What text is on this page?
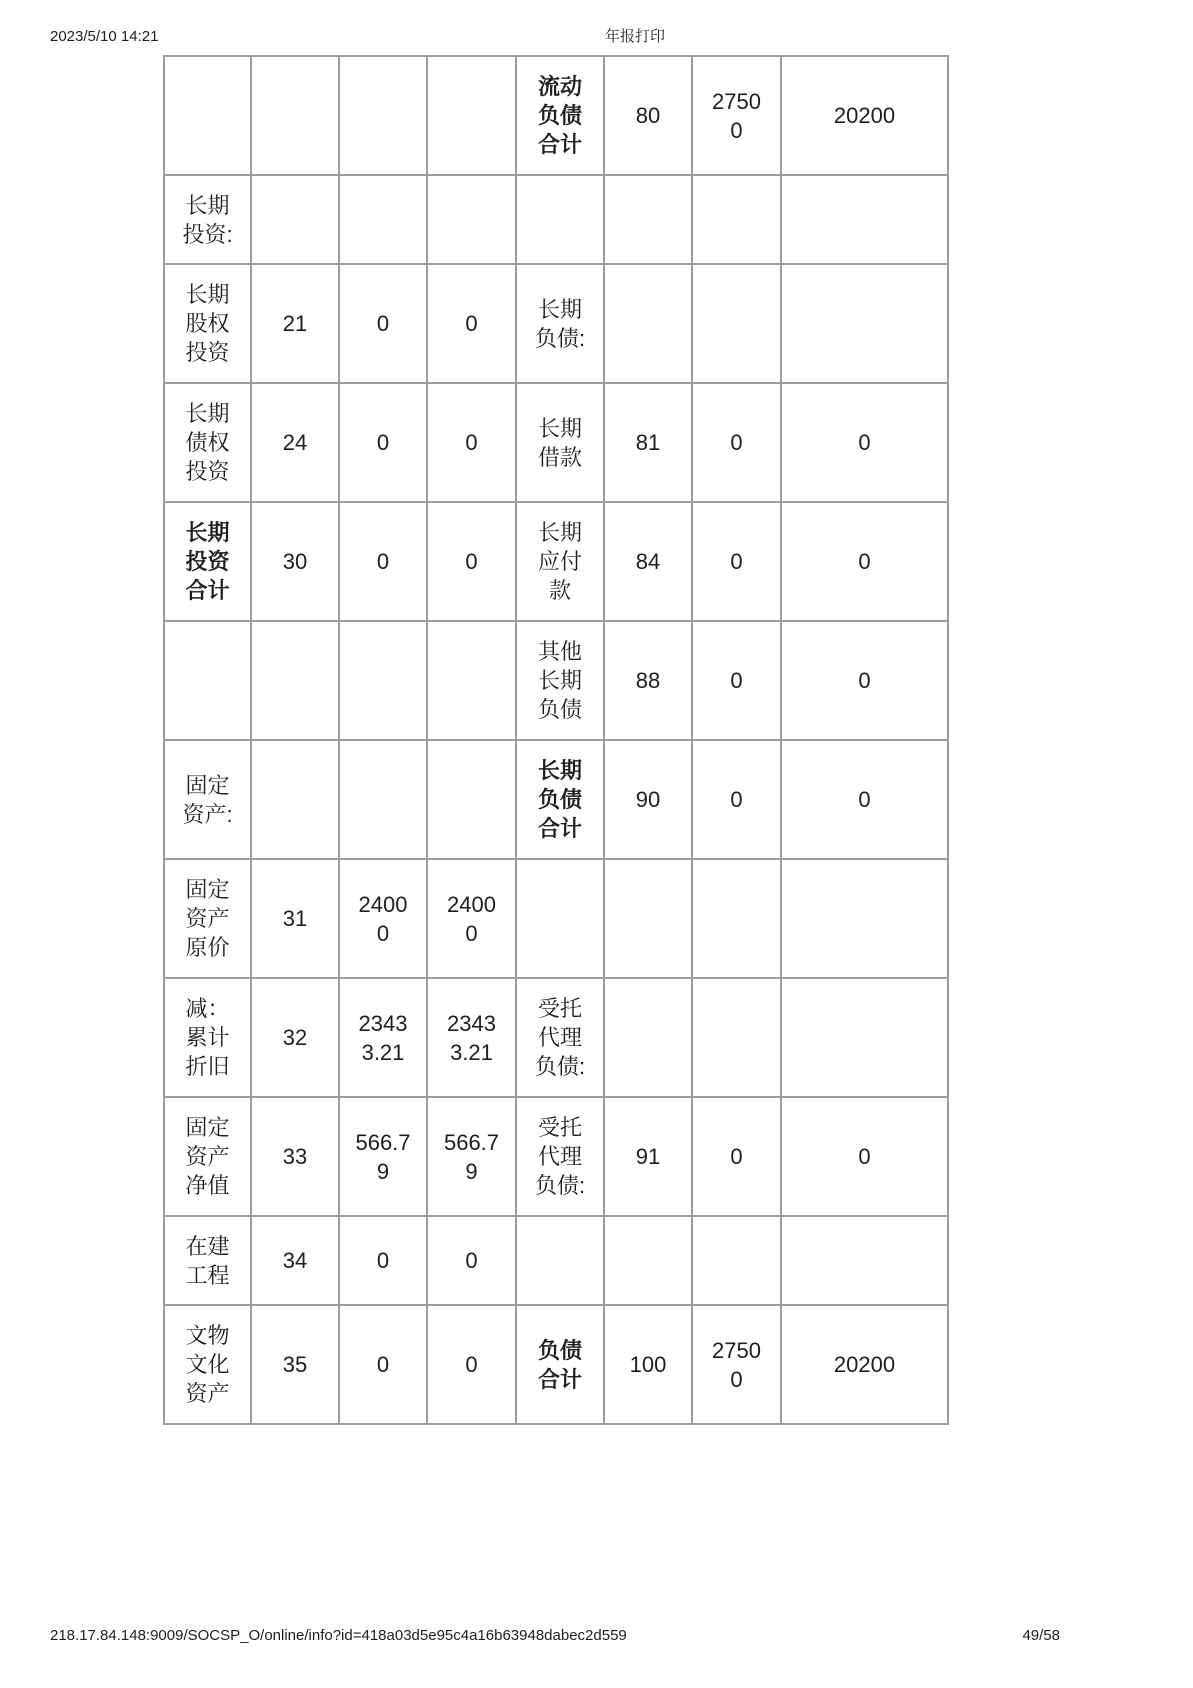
2023/5/10 14:21	年报打印
				流动负债合计	80	27500	20200
长期投资:							
长期股权投资	21	0	0	长期负债:			
长期债权投资	24	0	0	长期借款	81	0	0
长期投资合计	30	0	0	长期应付款	84	0	0
				其他长期负债	88	0	0
固定资产:				长期负债合计	90	0	0
固定资产原价	31	24000	24000				
减：累计折旧	32	23433.21	23433.21	受托代理负债:			
固定资产净值	33	566.79	566.79	受托代理负债:	91	0	0
在建工程	34	0	0				
文物文化资产	35	0	0	负债合计	100	27500	20200
218.17.84.148:9009/SOCSP_O/online/info?id=418a03d5e95c4a16b63948dabec2d559	49/58
